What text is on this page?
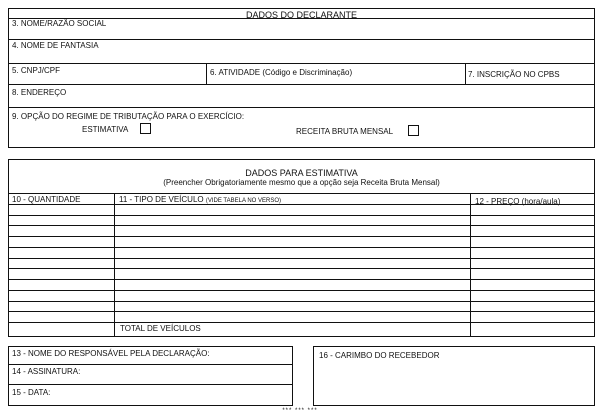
DADOS DO DECLARANTE
3. NOME/RAZÃO SOCIAL
4. NOME DE FANTASIA
5. CNPJ/CPF	6. ATIVIDADE (Código e Discriminação)	7. INSCRIÇÃO NO CPBS
8. ENDEREÇO
9. OPÇÃO DO REGIME DE TRIBUTAÇÃO PARA O EXERCÍCIO:
ESTIMATIVA	RECEITA BRUTA MENSAL
DADOS PARA ESTIMATIVA
(Preencher Obrigatoriamente mesmo que a opção seja Receita Bruta Mensal)
10 - QUANTIDADE	11 - TIPO DE VEÍCULO (VIDE TABELA NO VERSO)	12 - PREÇO (hora/aula)
TOTAL DE VEÍCULOS
13 - NOME DO RESPONSÁVEL PELA DECLARAÇÃO:
14 - ASSINATURA:
15 - DATA:
16 - CARIMBO DO RECEBEDOR
*** *** ***
